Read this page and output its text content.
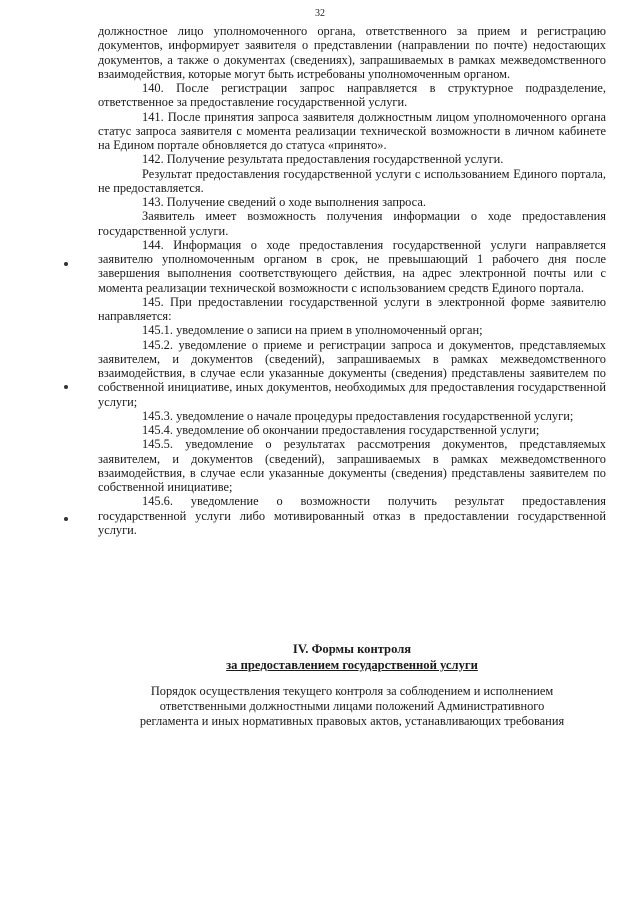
32

должностное лицо уполномоченного органа, ответственного за прием и регистрацию документов, информирует заявителя о представлении (направлении по почте) недостающих документов, а также о документах (сведениях), запрашиваемых в рамках межведомственного взаимодействия, которые могут быть истребованы уполномоченным органом.

140. После регистрации запрос направляется в структурное подразделение, ответственное за предоставление государственной услуги.

141. После принятия запроса заявителя должностным лицом уполномоченного органа статус запроса заявителя с момента реализации технической возможности в личном кабинете на Едином портале обновляется до статуса «принято».

142. Получение результата предоставления государственной услуги.

Результат предоставления государственной услуги с использованием Единого портала, не предоставляется.

143. Получение сведений о ходе выполнения запроса.

Заявитель имеет возможность получения информации о ходе предоставления государственной услуги.

144. Информация о ходе предоставления государственной услуги направляется заявителю уполномоченным органом в срок, не превышающий 1 рабочего дня после завершения выполнения соответствующего действия, на адрес электронной почты или с момента реализации технической возможности с использованием средств Единого портала.

145. При предоставлении государственной услуги в электронной форме заявителю направляется:

145.1. уведомление о записи на прием в уполномоченный орган;

145.2. уведомление о приеме и регистрации запроса и документов, представляемых заявителем, и документов (сведений), запрашиваемых в рамках межведомственного взаимодействия, в случае если указанные документы (сведения) представлены заявителем по собственной инициативе, иных документов, необходимых для предоставления государственной услуги;

145.3. уведомление о начале процедуры предоставления государственной услуги;

145.4. уведомление об окончании предоставления государственной услуги;

145.5. уведомление о результатах рассмотрения документов, представляемых заявителем, и документов (сведений), запрашиваемых в рамках межведомственного взаимодействия, в случае если указанные документы (сведения) представлены заявителем по собственной инициативе;

145.6. уведомление о возможности получить результат предоставления государственной услуги либо мотивированный отказ в предоставлении государственной услуги.

IV. Формы контроля
за предоставлением государственной услуги
Порядок осуществления текущего контроля за соблюдением и исполнением
ответственными должностными лицами положений Административного
регламента и иных нормативных правовых актов, устанавливающих требования
